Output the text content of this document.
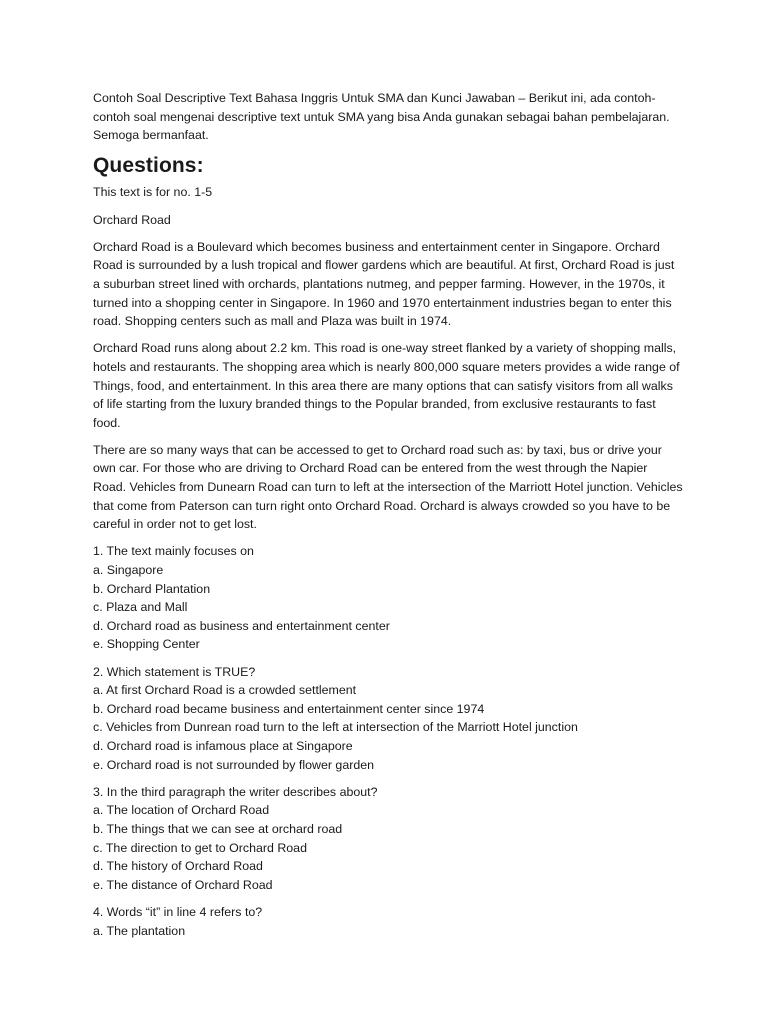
Contoh Soal Descriptive Text Bahasa Inggris Untuk SMA dan Kunci Jawaban – Berikut ini, ada contoh-contoh soal mengenai descriptive text untuk SMA yang bisa Anda gunakan sebagai bahan pembelajaran. Semoga bermanfaat.

Questions:

This text is for no. 1-5

Orchard Road

Orchard Road is a Boulevard which becomes business and entertainment center in Singapore. Orchard Road is surrounded by a lush tropical and flower gardens which are beautiful. At first, Orchard Road is just a suburban street lined with orchards, plantations nutmeg, and pepper farming. However, in the 1970s, it turned into a shopping center in Singapore. In 1960 and 1970 entertainment industries began to enter this road. Shopping centers such as mall and Plaza was built in 1974.

Orchard Road runs along about 2.2 km. This road is one-way street flanked by a variety of shopping malls, hotels and restaurants. The shopping area which is nearly 800,000 square meters provides a wide range of Things, food, and entertainment. In this area there are many options that can satisfy visitors from all walks of life starting from the luxury branded things to the Popular branded, from exclusive restaurants to fast food.

There are so many ways that can be accessed to get to Orchard road such as: by taxi, bus or drive your own car. For those who are driving to Orchard Road can be entered from the west through the Napier Road. Vehicles from Dunearn Road can turn to left at the intersection of the Marriott Hotel junction. Vehicles that come from Paterson can turn right onto Orchard Road. Orchard is always crowded so you have to be careful in order not to get lost.

1. The text mainly focuses on
a. Singapore
b. Orchard Plantation
c. Plaza and Mall
d. Orchard road as business and entertainment center
e. Shopping Center
2. Which statement is TRUE?
a. At first Orchard Road is a crowded settlement
b. Orchard road became business and entertainment center since 1974
c. Vehicles from Dunrean road turn to the left at intersection of the Marriott Hotel junction
d. Orchard road is infamous place at Singapore
e. Orchard road is not surrounded by flower garden
3. In the third paragraph the writer describes about?
a. The location of Orchard Road
b. The things that we can see at orchard road
c. The direction to get to Orchard Road
d. The history of Orchard Road
e. The distance of Orchard Road
4. Words “it” in line 4 refers to?
a. The plantation
